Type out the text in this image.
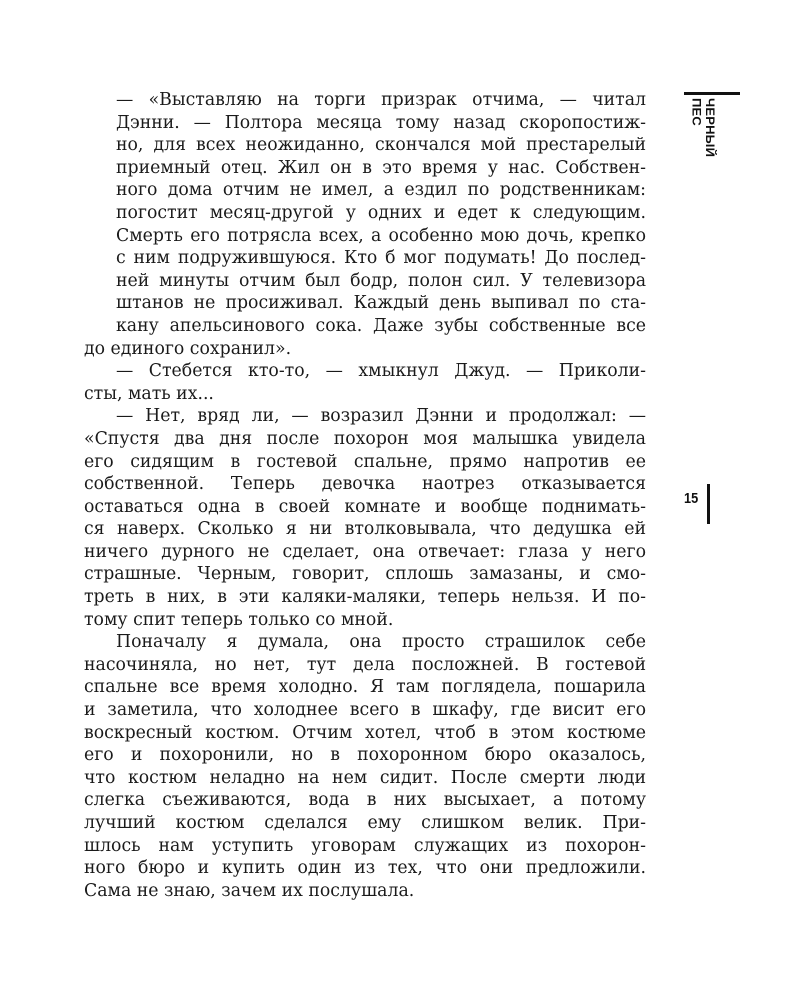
— «Выставляю на торги призрак отчима, — читал
Дэнни. — Полтора месяца тому назад скоропостиж-
но, для всех неожиданно, скончался мой престарелый
приемный отец. Жил он в это время у нас. Собствен-
ного дома отчим не имел, а ездил по родственникам:
погостит месяц-другой у одних и едет к следующим.
Смерть его потрясла всех, а особенно мою дочь, крепко
с ним подружившуюся. Кто б мог подумать! До послед-
ней минуты отчим был бодр, полон сил. У телевизора
штанов не просиживал. Каждый день выпивал по ста-
кану апельсинового сока. Даже зубы собственные все
до единого сохранил».
— Стебется кто-то, — хмыкнул Джуд. — Приколи-
сты, мать их...
— Нет, вряд ли, — возразил Дэнни и продолжал: —
«Спустя два дня после похорон моя малышка увидела
его сидящим в гостевой спальне, прямо напротив ее
собственной. Теперь девочка наотрез отказывается
оставаться одна в своей комнате и вообще поднимать-
ся наверх. Сколько я ни втолковывала, что дедушка ей
ничего дурного не сделает, она отвечает: глаза у него
страшные. Черным, говорит, сплошь замазаны, и смо-
треть в них, в эти каляки-маляки, теперь нельзя. И по-
тому спит теперь только со мной.
Поначалу я думала, она просто страшилок себе
насочиняла, но нет, тут дела посложней. В гостевой
спальне все время холодно. Я там поглядела, пошарила
и заметила, что холоднее всего в шкафу, где висит его
воскресный костюм. Отчим хотел, чтоб в этом костюме
его и похоронили, но в похоронном бюро оказалось,
что костюм неладно на нем сидит. После смерти люди
слегка съеживаются, вода в них высыхает, а потому
лучший костюм сделался ему слишком велик. При-
шлось нам уступить уговорам служащих из похорон-
ного бюро и купить один из тех, что они предложили.
Сама не знаю, зачем их послушала.
ЧЕРНЫЙ ПЕС
15
